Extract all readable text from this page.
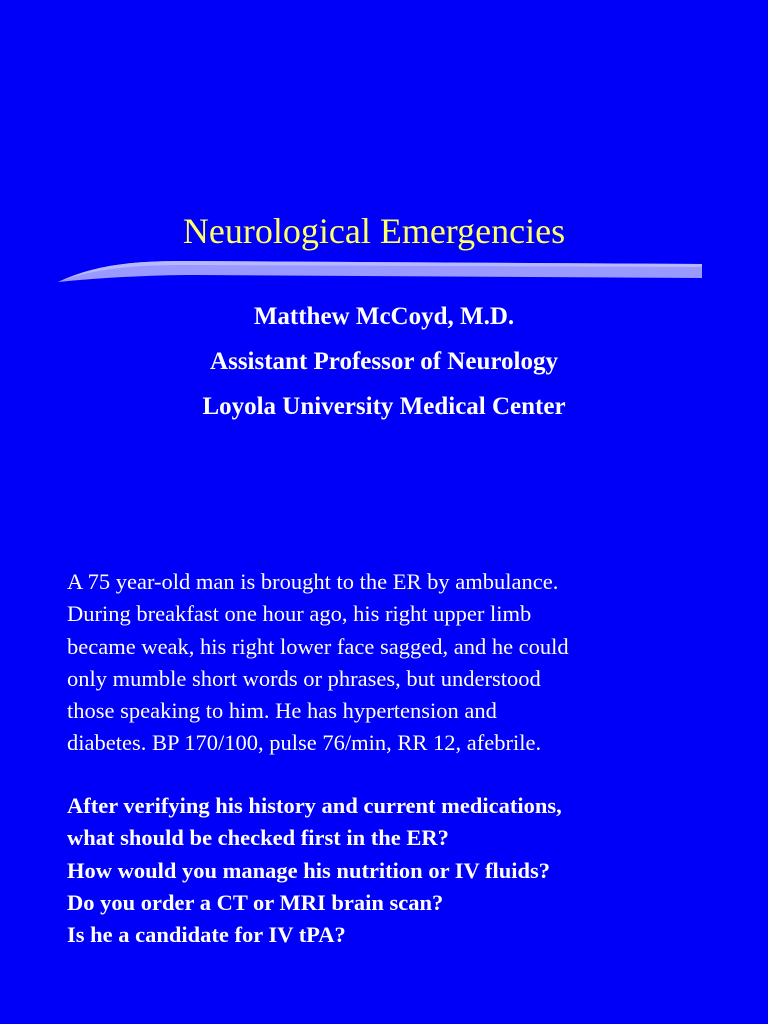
Neurological Emergencies
Matthew McCoyd, M.D.
Assistant Professor of Neurology
Loyola University Medical Center
A 75 year-old man is brought to the ER by ambulance.
During breakfast one hour ago, his right upper limb
became weak, his right lower face sagged, and he could
only mumble short words or phrases, but understood
those speaking to him. He has hypertension and
diabetes. BP 170/100, pulse 76/min, RR 12, afebrile.
After verifying his history and current medications,
what should be checked first in the ER?
How would you manage his nutrition or IV fluids?
Do you order a CT or MRI brain scan?
Is he a candidate for IV tPA?
